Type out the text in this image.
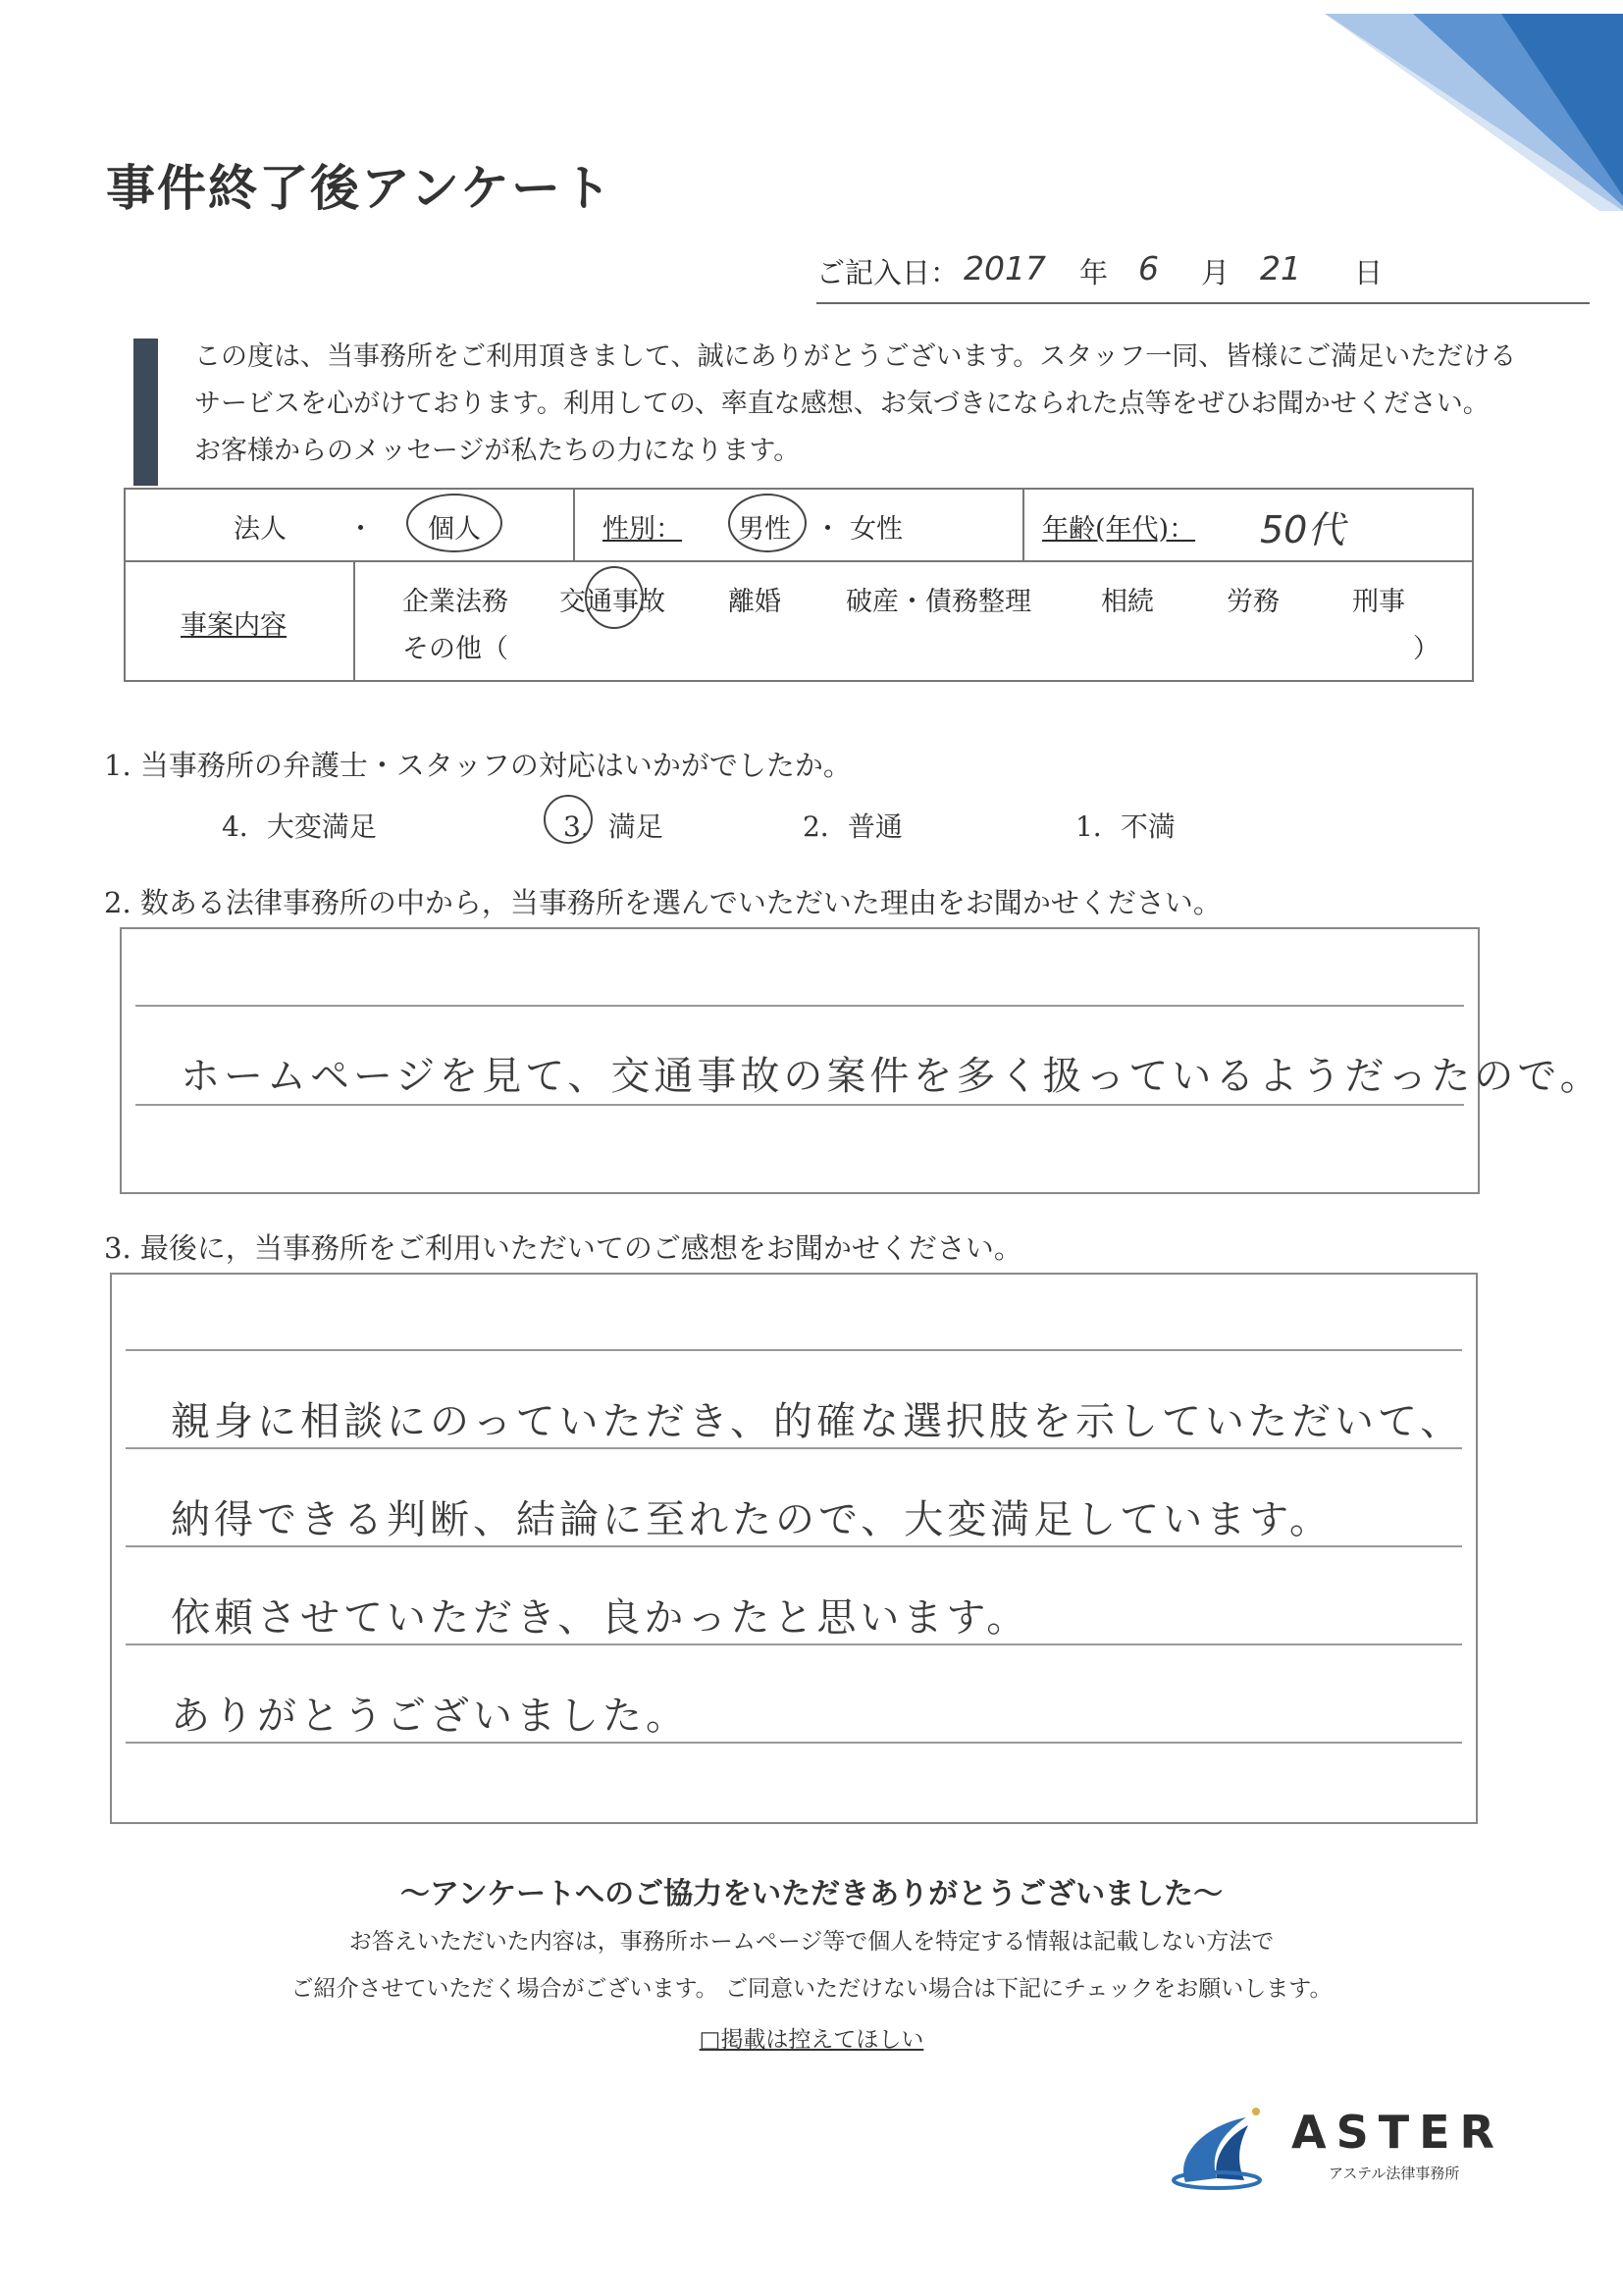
事件終了後アンケート
ご記入日： 2017 年 6 月 21 日

この度は、当事務所をご利用頂きまして、誠にありがとうございます。スタッフ一同、皆様にご満足いただける

サービスを心がけております。利用しての、率直な感想、お気づきになられた点等をぜひお聞かせください。

お客様からのメッセージが私たちの力になります。

法人 ・ 個人	性別： 男性 ・ 女性	年齢(年代)： 50代
事案内容
企業法務 交通事故 離婚 破産・債務整理	相続	労務	刑事
その他（	）
1. 当事務所の弁護士・スタッフの対応はいかがでしたか。
4．大変満足	3．満足	2．普通	1．不満
2. 数ある法律事務所の中から，当事務所を選んでいただいた理由をお聞かせください。
ホームページを見て、交通事故の案件を多く扱っているようだったので。
3. 最後に，当事務所をご利用いただいてのご感想をお聞かせください。
親身に相談にのっていただき、的確な選択肢を示していただいて、
納得できる判断、結論に至れたので、大変満足しています。
依頼させていただき、良かったと思います。
ありがとうございました。
～アンケートへのご協力をいただきありがとうございました～
お答えいただいた内容は，事務所ホームページ等で個人を特定する情報は記載しない方法で
ご紹介させていただく場合がございます。 ご同意いただけない場合は下記にチェックをお願いします。
□掲載は控えてほしい
ASTER
アステル法律事務所
